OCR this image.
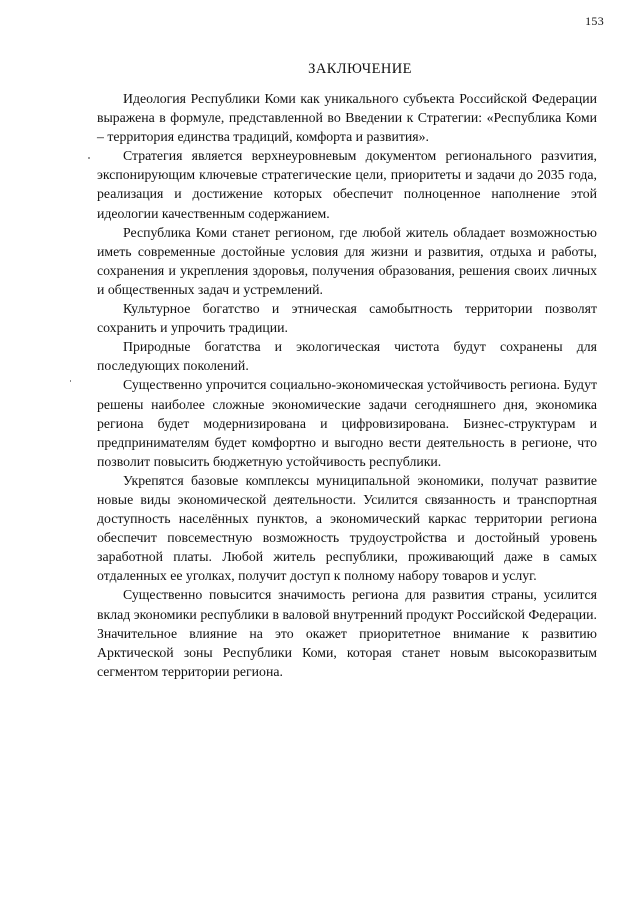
153
ЗАКЛЮЧЕНИЕ

Идеология Республики Коми как уникального субъекта Российской Федерации выражена в формуле, представленной во Введении к Стратегии: «Республика Коми – территория единства традиций, комфорта и развития».

Стратегия является верхнеуровневым документом регионального разvития, экспонирующим ключевые стратегические цели, приоритеты и задачи до 2035 года, реализация и достижение которых обеспечит полноценное наполнение этой идеологии качественным содержанием.

Республика Коми станет регионом, где любой житель обладает возможностью иметь современные достойные условия для жизни и развития, отдыха и работы, сохранения и укрепления здоровья, получения образования, решения своих личных и общественных задач и устремлений.

Культурное богатство и этническая самобытность территории позволят сохранить и упрочить традиции.

Природные богатства и экологическая чистота будут сохранены для последующих поколений.

Существенно упрочится социально-экономическая устойчивость региона. Будут решены наиболее сложные экономические задачи сегодняшнего дня, экономика региона будет модернизирована и цифровизирована. Бизнес-структурам и предпринимателям будет комфортно и выгодно вести деятельность в регионе, что позволит повысить бюджетную устойчивость республики.

Укрепятся базовые комплексы муниципальной экономики, получат развитие новые виды экономической деятельности. Усилится связанность и транспортная доступность населённых пунктов, а экономический каркас территории региона обеспечит повсеместную возможность трудоустройства и достойный уровень заработной платы. Любой житель республики, проживающий даже в самых отдаленных ее уголках, получит доступ к полному набору товаров и услуг.

Существенно повысится значимость региона для развития страны, усилится вклад экономики республики в валовой внутренний продукт Российской Федерации. Значительное влияние на это окажет приоритетное внимание к развитию Арктической зоны Республики Коми, которая станет новым высокоразвитым сегментом территории региона.
